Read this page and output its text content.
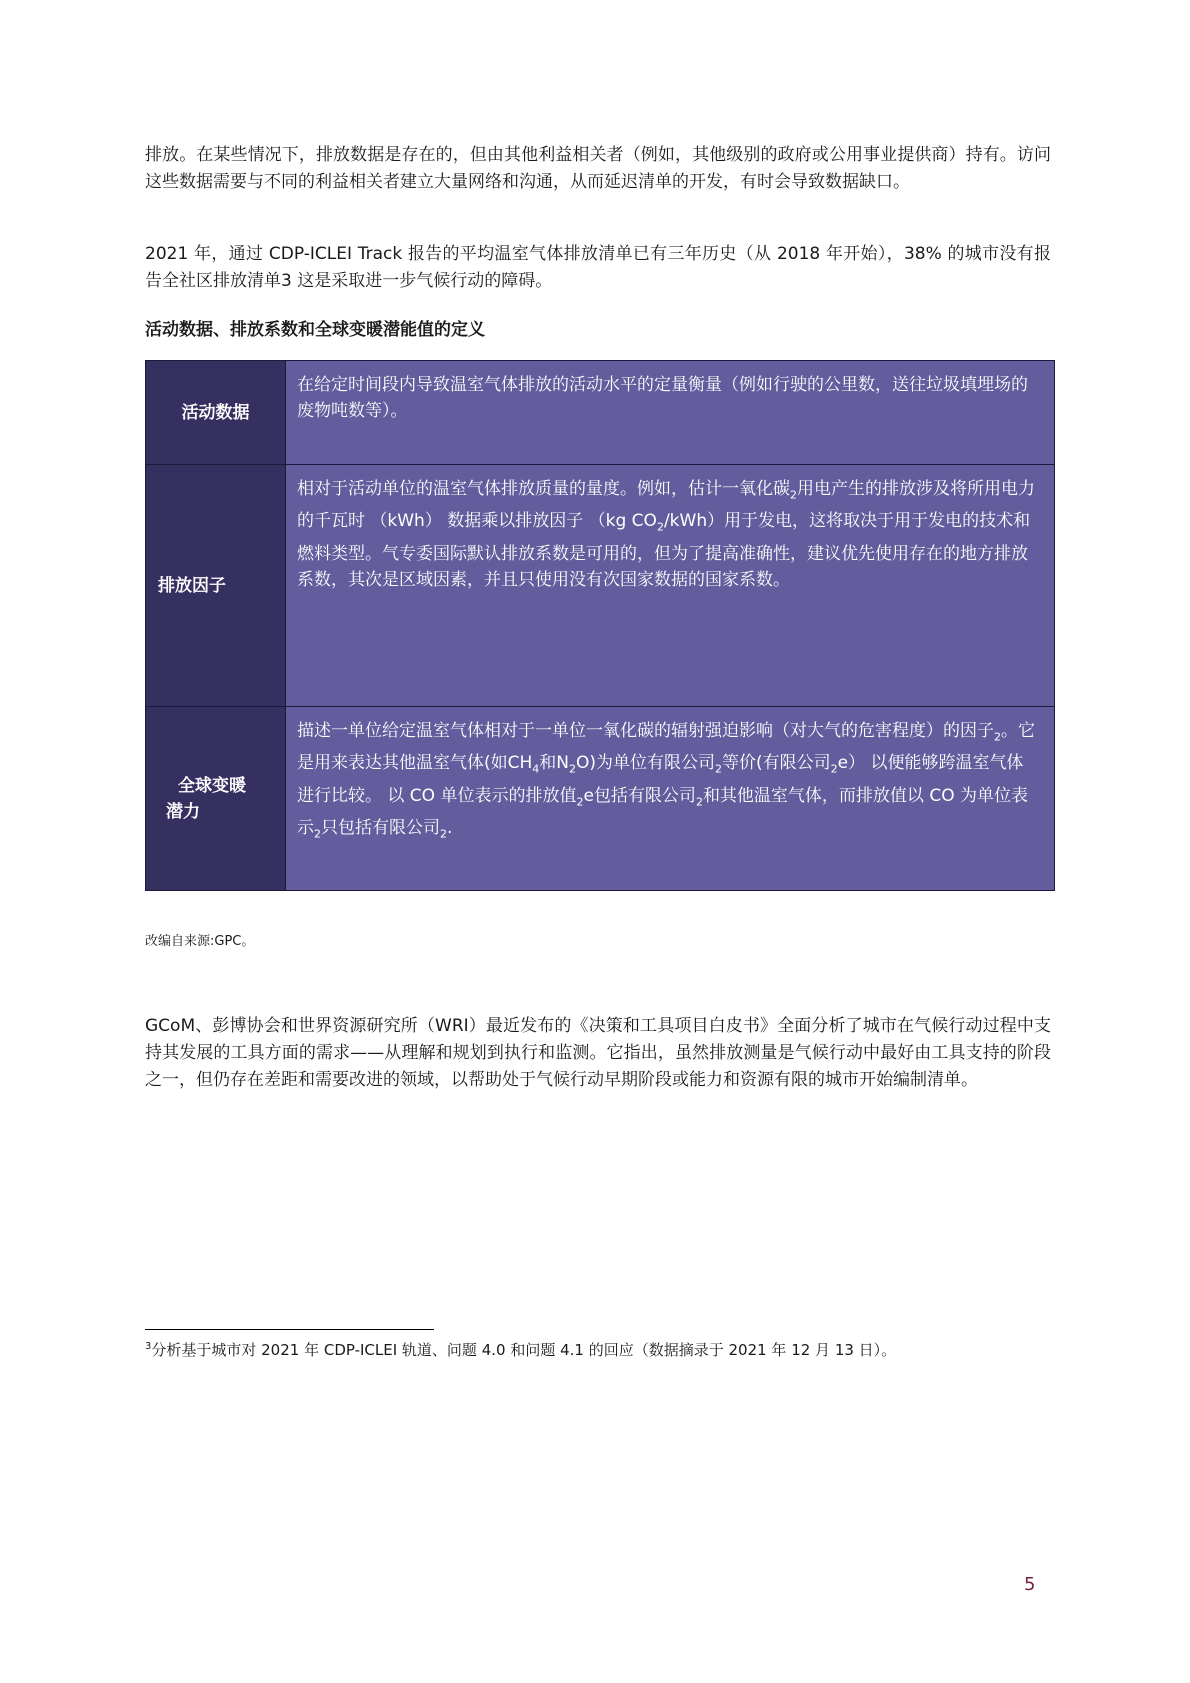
排放。在某些情况下，排放数据是存在的，但由其他利益相关者（例如，其他级别的政府或公用事业提供商）持有。访问这些数据需要与不同的利益相关者建立大量网络和沟通，从而延迟清单的开发，有时会导致数据缺口。

2021 年，通过 CDP-ICLEI Track 报告的平均温室气体排放清单已有三年历史（从 2018 年开始），38% 的城市没有报告全社区排放清单3 这是采取进一步气候行动的障碍。

活动数据、排放系数和全球变暖潜能值的定义

活动数据	在给定时间段内导致温室气体排放的活动水平的定量衡量（例如行驶的公里数，送往垃圾填埋场的废物吨数等）。
排放因子	相对于活动单位的温室气体排放质量的量度。例如，估计一氧化碳$_2$用电产生的排放涉及将所用电力的千瓦时 （kWh） 数据乘以排放因子 （kg $CO_2/kWh$）用于发电，这将取决于用于发电的技术和燃料类型。气专委国际默认排放系数是可用的，但为了提高准确性，建议优先使用存在的地方排放系数，其次是区域因素，并且只使用没有次国家数据的国家系数。

全球变暖
潜力	描述一单位给定温室气体相对于一单位一氧化碳的辐射强迫影响（对大气的危害程度）的因子$_2$。它是用来表达其他温室气体(如$CH_4$和$N_2O$)为单位有限公司$_2$等价(有限公司$_2$e） 以便能够跨温室气体进行比较。 以 CO 单位表示的排放值$_2$e包括有限公司$_2$和其他温室气体，而排放值以 CO 为单位表示$_2$只包括有限公司$_2$.

改编自来源:GPC。

GCoM、彭博协会和世界资源研究所（WRI）最近发布的《决策和工具项目白皮书》全面分析了城市在气候行动过程中支持其发展的工具方面的需求——从理解和规划到执行和监测。它指出，虽然排放测量是气候行动中最好由工具支持的阶段之一，但仍存在差距和需要改进的领域，以帮助处于气候行动早期阶段或能力和资源有限的城市开始编制清单。

$^3$分析基于城市对 2021 年 CDP-ICLEI 轨道、问题 4.0 和问题 4.1 的回应（数据摘录于 2021 年 12 月 13 日）。

5
